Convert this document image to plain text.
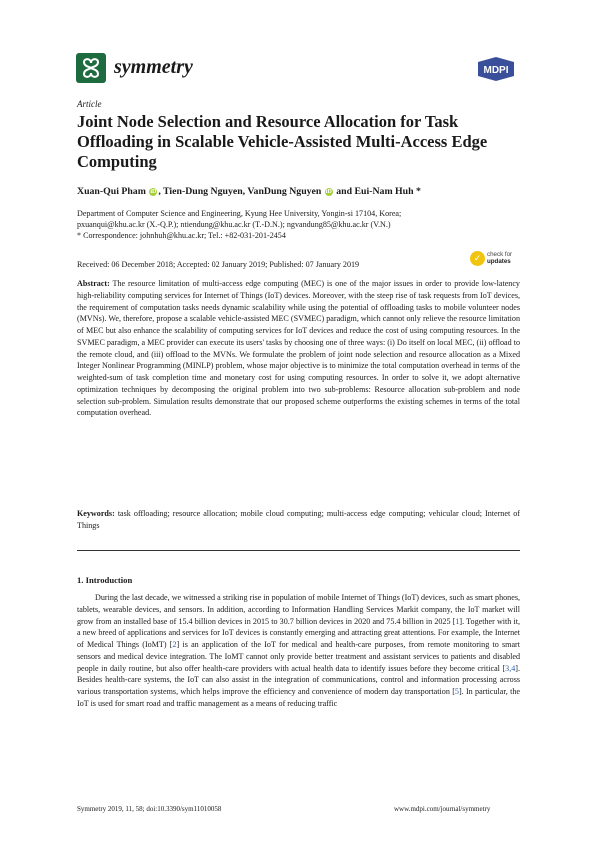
symmetry	MDPI
Article
Joint Node Selection and Resource Allocation for Task Offloading in Scalable Vehicle-Assisted Multi-Access Edge Computing
Xuan-Qui Pham iD , Tien-Dung Nguyen, VanDung Nguyen iD and Eui-Nam Huh *
Department of Computer Science and Engineering, Kyung Hee University, Yongin-si 17104, Korea;
pxuanqui@khu.ac.kr (X.-Q.P.); ntiendung@khu.ac.kr (T.-D.N.); ngvandung85@khu.ac.kr (V.N.)
* Correspondence: johnhuh@khu.ac.kr; Tel.: +82-031-201-2454
✓ check for
updates
Received: 06 December 2018; Accepted: 02 January 2019; Published: 07 January 2019
Abstract: The resource limitation of multi-access edge computing (MEC) is one of the major issues in order to provide low-latency high-reliability computing services for Internet of Things (IoT) devices. Moreover, with the steep rise of task requests from IoT devices, the requirement of computation tasks needs dynamic scalability while using the potential of offloading tasks to mobile volunteer nodes (MVNs). We, therefore, propose a scalable vehicle-assisted MEC (SVMEC) paradigm, which cannot only relieve the resource limitation of MEC but also enhance the scalability of computing services for IoT devices and reduce the cost of using computing resources. In the SVMEC paradigm, a MEC provider can execute its users' tasks by choosing one of three ways: (i) Do itself on local MEC, (ii) offload to the remote cloud, and (iii) offload to the MVNs. We formulate the problem of joint node selection and resource allocation as a Mixed Integer Nonlinear Programming (MINLP) problem, whose major objective is to minimize the total computation overhead in terms of the weighted-sum of task completion time and monetary cost for using computing resources. In order to solve it, we adopt alternative optimization techniques by decomposing the original problem into two sub-problems: Resource allocation sub-problem and node selection sub-problem. Simulation results demonstrate that our proposed scheme outperforms the existing schemes in terms of the total computation overhead.
Keywords: task offloading; resource allocation; mobile cloud computing; multi-access edge computing; vehicular cloud; Internet of Things
1. Introduction
During the last decade, we witnessed a striking rise in population of mobile Internet of Things (IoT) devices, such as smart phones, tablets, wearable devices, and sensors. In addition, according to Information Handling Services Markit company, the IoT market will grow from an installed base of 15.4 billion devices in 2015 to 30.7 billion devices in 2020 and 75.4 billion in 2025 [1]. Together with it, a new breed of applications and services for IoT devices is constantly emerging and attracting great attentions. For example, the Internet of Medical Things (IoMT) [2] is an application of the IoT for medical and health-care purposes, from remote monitoring to smart sensors and medical device integration. The IoMT cannot only provide better treatment and assistant services to patients and disabled people in daily routine, but also offer health-care providers with actual health data to identify issues before they become critical [3,4]. Besides health-care systems, the IoT can also assist in the integration of communications, control and information processing across various transportation systems, which helps improve the efficiency and convenience of modern day transportation [5]. In particular, the IoT is used for smart road and traffic management as a means of reducing traffic
Symmetry 2019, 11, 58; doi:10.3390/sym11010058	www.mdpi.com/journal/symmetry
